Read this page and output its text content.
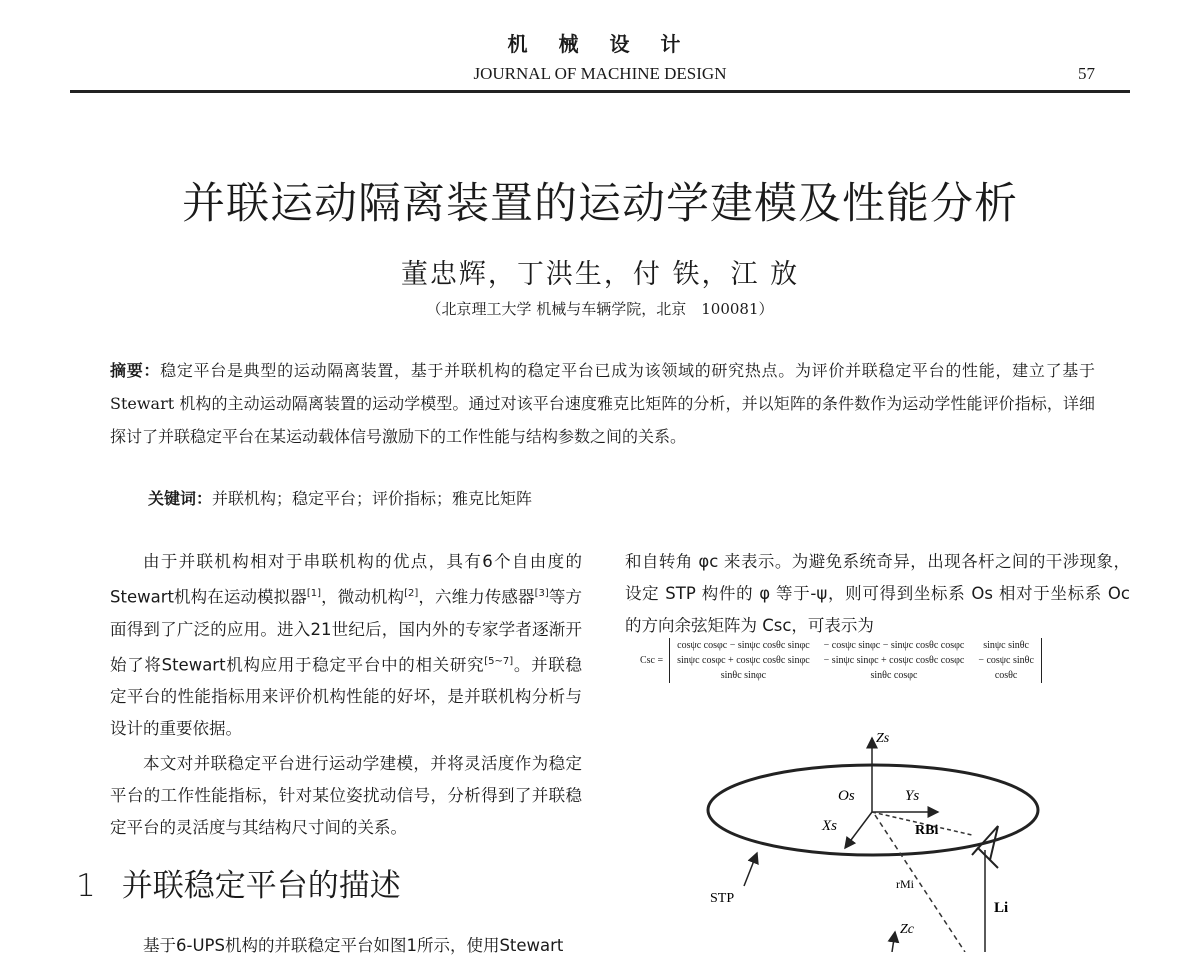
机 械 设 计
JOURNAL OF MACHINE DESIGN	57
并联运动隔离装置的运动学建模及性能分析
董忠辉，丁洪生，付 铁，江 放
（北京理工大学 机械与车辆学院，北京　100081）
摘要：稳定平台是典型的运动隔离装置，基于并联机构的稳定平台已成为该领域的研究热点。为评价并联稳定平台的性能，建立了基于 Stewart 机构的主动运动隔离装置的运动学模型。通过对该平台速度雅克比矩阵的分析，并以矩阵的条件数作为运动学性能评价指标，详细探讨了并联稳定平台在某运动载体信号激励下的工作性能与结构参数之间的关系。
关键词：并联机构；稳定平台；评价指标；雅克比矩阵

由于并联机构相对于串联机构的优点，具有6个自由度的Stewart机构在运动模拟器[1]，微动机构[2]，六维力传感器[3]等方面得到了广泛的应用。进入21世纪后，国内外的专家学者逐渐开始了将Stewart机构应用于稳定平台中的相关研究[5~7]。并联稳定平台的性能指标用来评价机构性能的好坏，是并联机构分析与设计的重要依据。

本文对并联稳定平台进行运动学建模，并将灵活度作为稳定平台的工作性能指标，针对某位姿扰动信号，分析得到了并联稳定平台的灵活度与其结构尺寸间的关系。

1 并联稳定平台的描述

基于6-UPS机构的并联稳定平台如图1所示，使用Stewart

和自转角 φc 来表示。为避免系统奇异，出现各杆之间的干涉现象，设定 STP 构件的 φ 等于-ψ，则可得到坐标系 Os 相对于坐标系 Oc 的方向余弦矩阵为 Csc，可表示为

Csc =
cosψc cosφc − sinψc cosθc sinφc	− cosψc sinφc − sinψc cosθc cosφc	sinψc sinθc
sinψc cosφc + cosψc cosθc sinφc	− sinψc sinφc + cosψc cosθc cosφc	− cosψc sinθc
sinθc sinφc	sinθc cosφc	cosθc
Zs
Os	Ys
Xs	RBi
rMi
Li
STP
Zc
